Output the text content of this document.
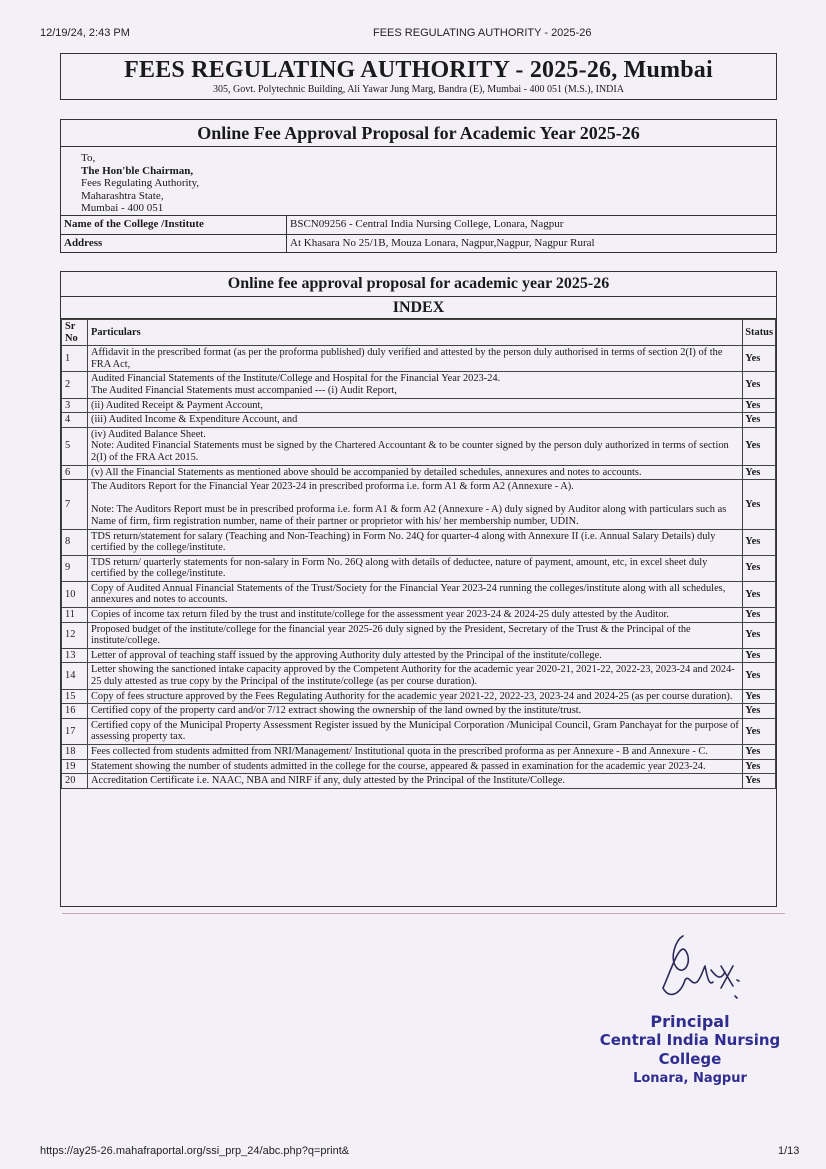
12/19/24, 2:43 PM	FEES REGULATING AUTHORITY - 2025-26
FEES REGULATING AUTHORITY - 2025-26, Mumbai
305, Govt. Polytechnic Building, Ali Yawar Jung Marg, Bandra (E), Mumbai - 400 051 (M.S.), INDIA
Online Fee Approval Proposal for Academic Year 2025-26
To,
The Hon'ble Chairman,
Fees Regulating Authority,
Maharashtra State,
Mumbai - 400 051
Name of the College /Institute	BSCN09256 - Central India Nursing College, Lonara, Nagpur
Address	At Khasara No 25/1B, Mouza Lonara, Nagpur,Nagpur, Nagpur Rural
Online fee approval proposal for academic year 2025-26
INDEX
Sr No	Particulars	Status
1	Affidavit in the prescribed format (as per the proforma published) duly verified and attested by the person duly authorised in terms of section 2(I) of the FRA Act,	Yes
2	Audited Financial Statements of the Institute/College and Hospital for the Financial Year 2023-24.
The Audited Financial Statements must accompanied --- (i) Audit Report,	Yes
3	(ii) Audited Receipt & Payment Account,	Yes
4	(iii) Audited Income & Expenditure Account, and	Yes
5	(iv) Audited Balance Sheet.
Note: Audited Financial Statements must be signed by the Chartered Accountant & to be counter signed by the person duly authorized in terms of section 2(I) of the FRA Act 2015.	Yes
6	(v) All the Financial Statements as mentioned above should be accompanied by detailed schedules, annexures and notes to accounts.	Yes
7	The Auditors Report for the Financial Year 2023-24 in prescribed proforma i.e. form A1 & form A2 (Annexure - A).

Note: The Auditors Report must be in prescribed proforma i.e. form A1 & form A2 (Annexure - A) duly signed by Auditor along with particulars such as Name of firm, firm registration number, name of their partner or proprietor with his/ her membership number, UDIN.	Yes
8	TDS return/statement for salary (Teaching and Non-Teaching) in Form No. 24Q for quarter-4 along with Annexure II (i.e. Annual Salary Details) duly certified by the college/institute.	Yes
9	TDS return/ quarterly statements for non-salary in Form No. 26Q along with details of deductee, nature of payment, amount, etc, in excel sheet duly certified by the college/institute.	Yes
10	Copy of Audited Annual Financial Statements of the Trust/Society for the Financial Year 2023-24 running the colleges/institute along with all schedules, annexures and notes to accounts.	Yes
11	Copies of income tax return filed by the trust and institute/college for the assessment year 2023-24 & 2024-25 duly attested by the Auditor.	Yes
12	Proposed budget of the institute/college for the financial year 2025-26 duly signed by the President, Secretary of the Trust & the Principal of the institute/college.	Yes
13	Letter of approval of teaching staff issued by the approving Authority duly attested by the Principal of the institute/college.	Yes
14	Letter showing the sanctioned intake capacity approved by the Competent Authority for the academic year 2020-21, 2021-22, 2022-23, 2023-24 and 2024-25 duly attested as true copy by the Principal of the institute/college (as per course duration).	Yes
15	Copy of fees structure approved by the Fees Regulating Authority for the academic year 2021-22, 2022-23, 2023-24 and 2024-25 (as per course duration).	Yes
16	Certified copy of the property card and/or 7/12 extract showing the ownership of the land owned by the institute/trust.	Yes
17	Certified copy of the Municipal Property Assessment Register issued by the Municipal Corporation /Municipal Council, Gram Panchayat for the purpose of assessing property tax.	Yes
18	Fees collected from students admitted from NRI/Management/ Institutional quota in the prescribed proforma as per Annexure - B and Annexure - C.	Yes
19	Statement showing the number of students admitted in the college for the course, appeared & passed in examination for the academic year 2023-24.	Yes
20	Accreditation Certificate i.e. NAAC, NBA and NIRF if any, duly attested by the Principal of the Institute/College.	Yes
Principal
Central India Nursing College
Lonara, Nagpur
https://ay25-26.mahafraportal.org/ssi_prp_24/abc.php?q=print&	1/13
